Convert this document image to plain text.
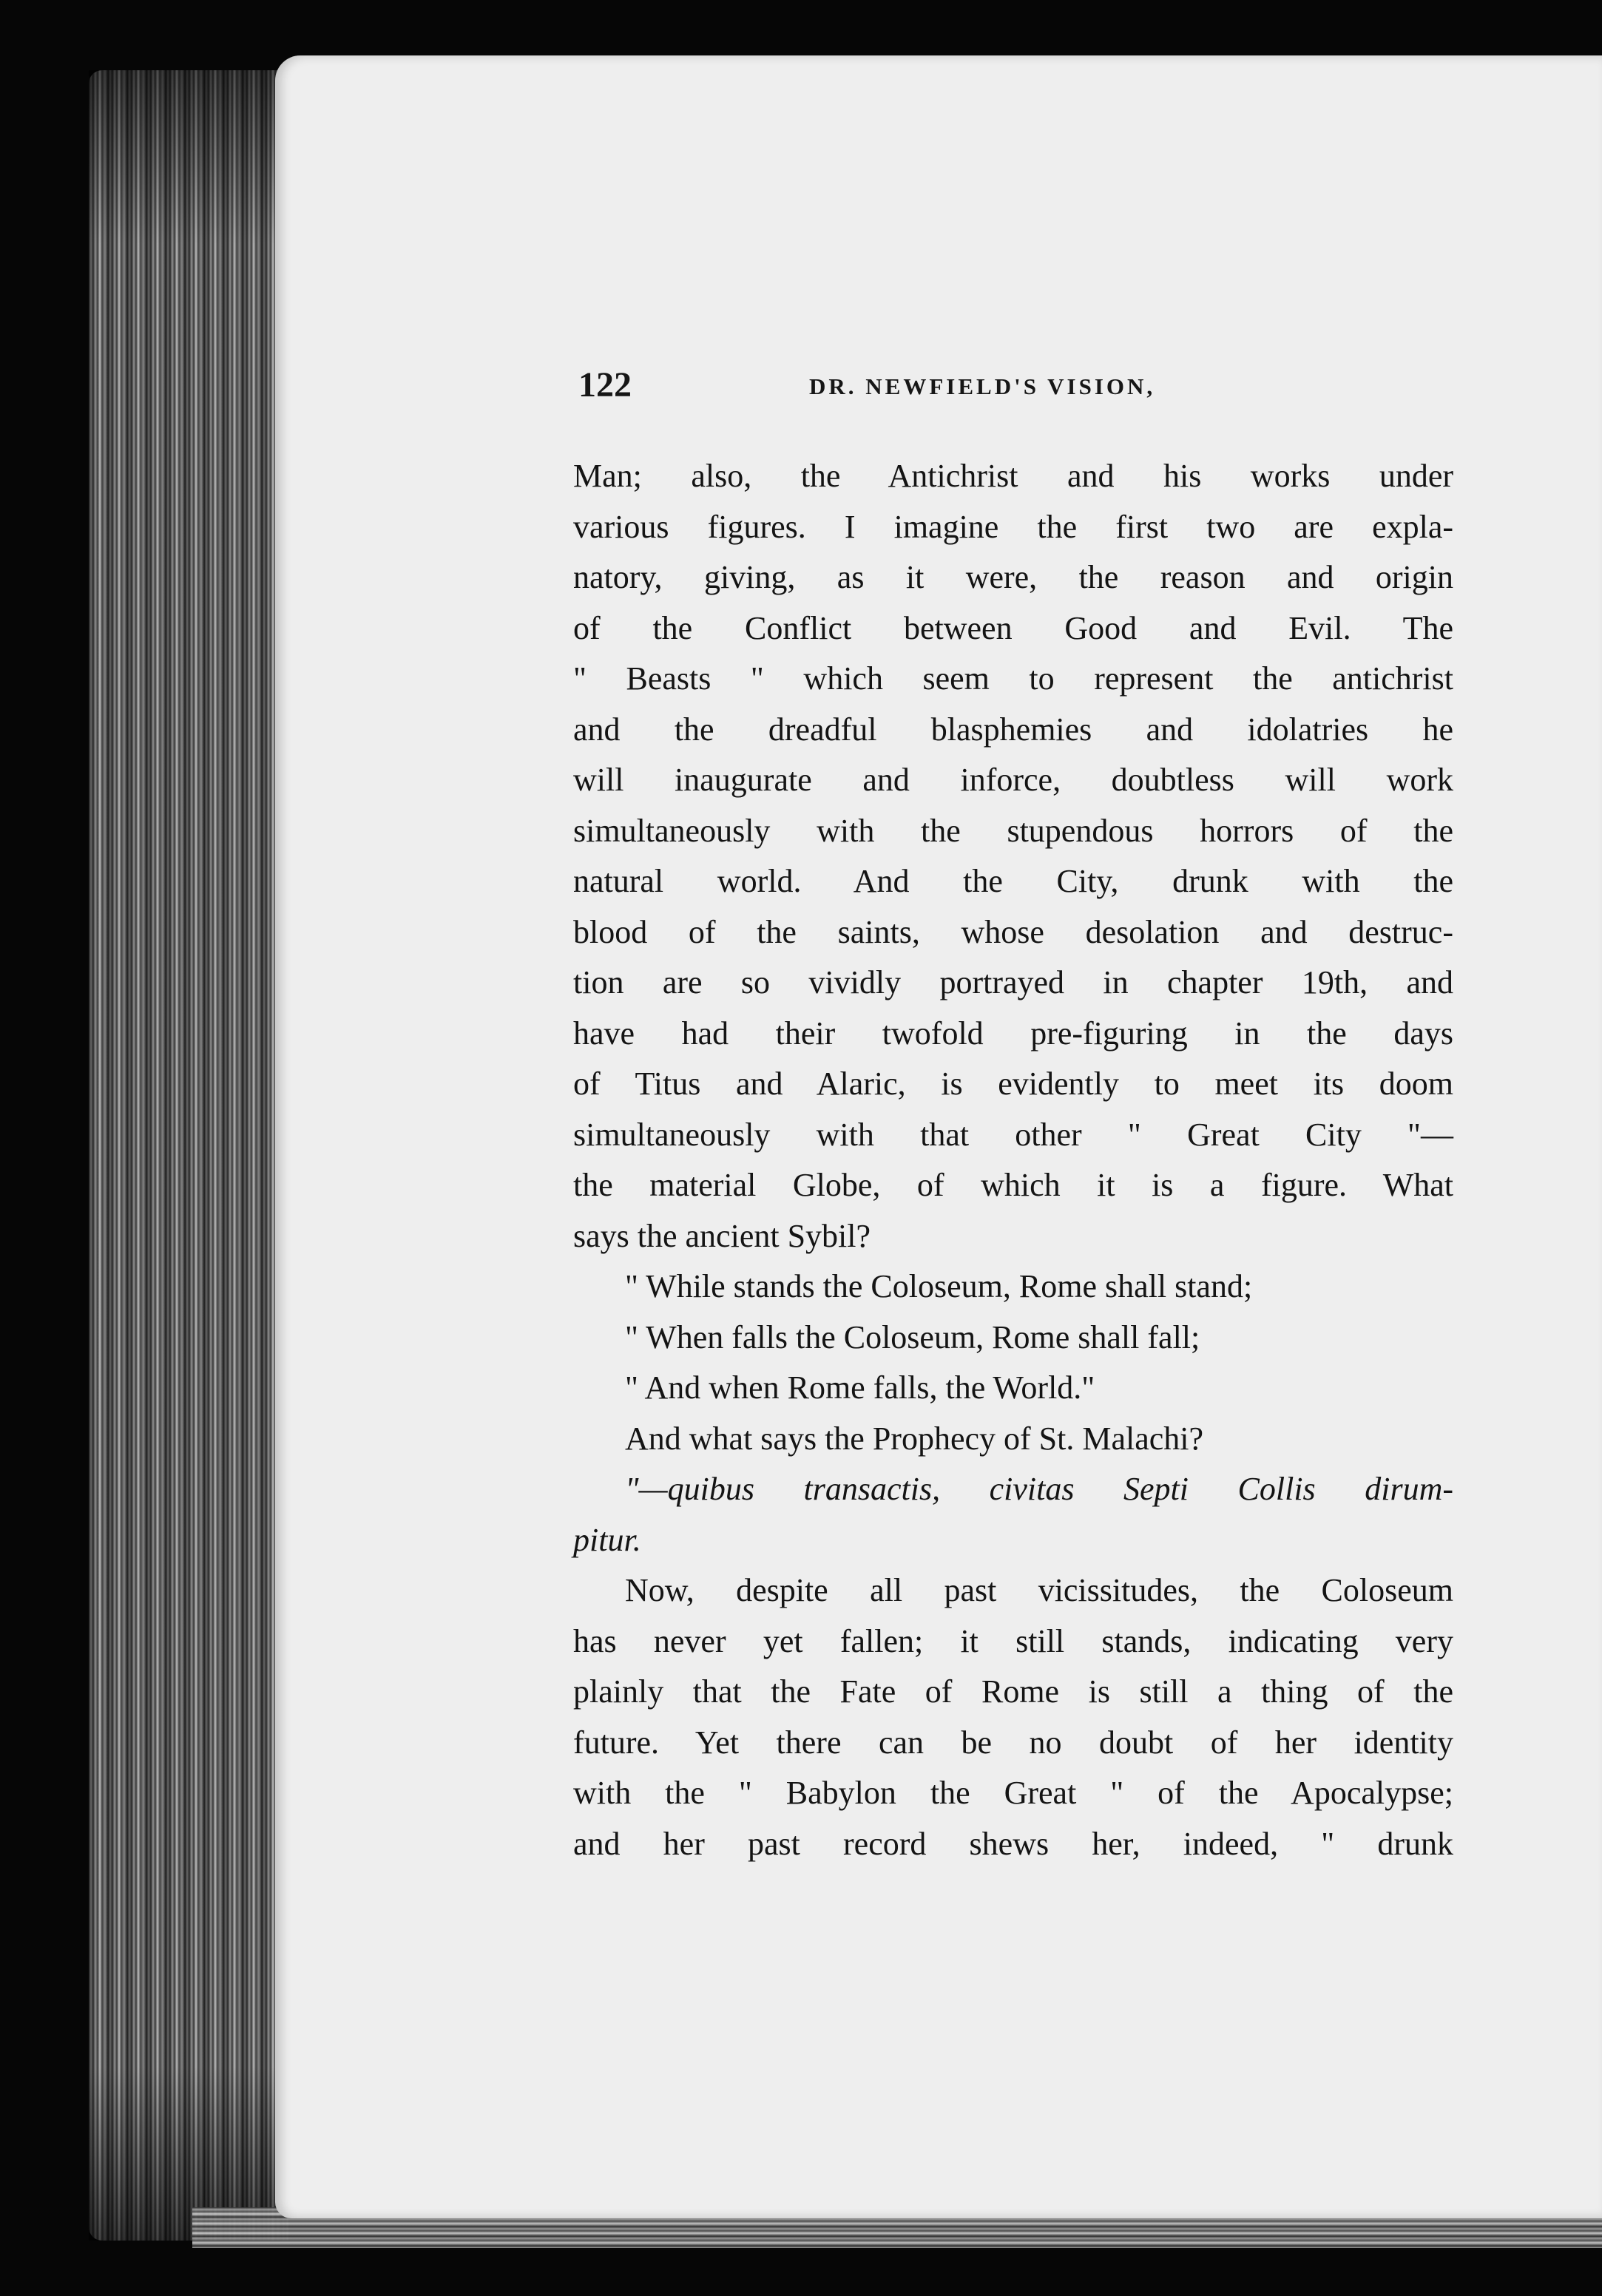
122	DR. NEWFIELD'S VISION,
Man; also, the Antichrist and his works under
various figures. I imagine the first two are expla-
natory, giving, as it were, the reason and origin
of the Conflict between Good and Evil. The
" Beasts " which seem to represent the antichrist
and the dreadful blasphemies and idolatries he
will inaugurate and inforce, doubtless will work
simultaneously with the stupendous horrors of the
natural world. And the City, drunk with the
blood of the saints, whose desolation and destruc-
tion are so vividly portrayed in chapter 19th, and
have had their twofold pre-figuring in the days
of Titus and Alaric, is evidently to meet its doom
simultaneously with that other " Great City "—
the material Globe, of which it is a figure. What
says the ancient Sybil?
" While stands the Coloseum, Rome shall stand;
" When falls the Coloseum, Rome shall fall;
" And when Rome falls, the World."
And what says the Prophecy of St. Malachi?
"—quibus transactis, civitas Septi Collis dirum-
pitur.
Now, despite all past vicissitudes, the Coloseum
has never yet fallen; it still stands, indicating very
plainly that the Fate of Rome is still a thing of the
future. Yet there can be no doubt of her identity
with the " Babylon the Great " of the Apocalypse;
and her past record shews her, indeed, " drunk
